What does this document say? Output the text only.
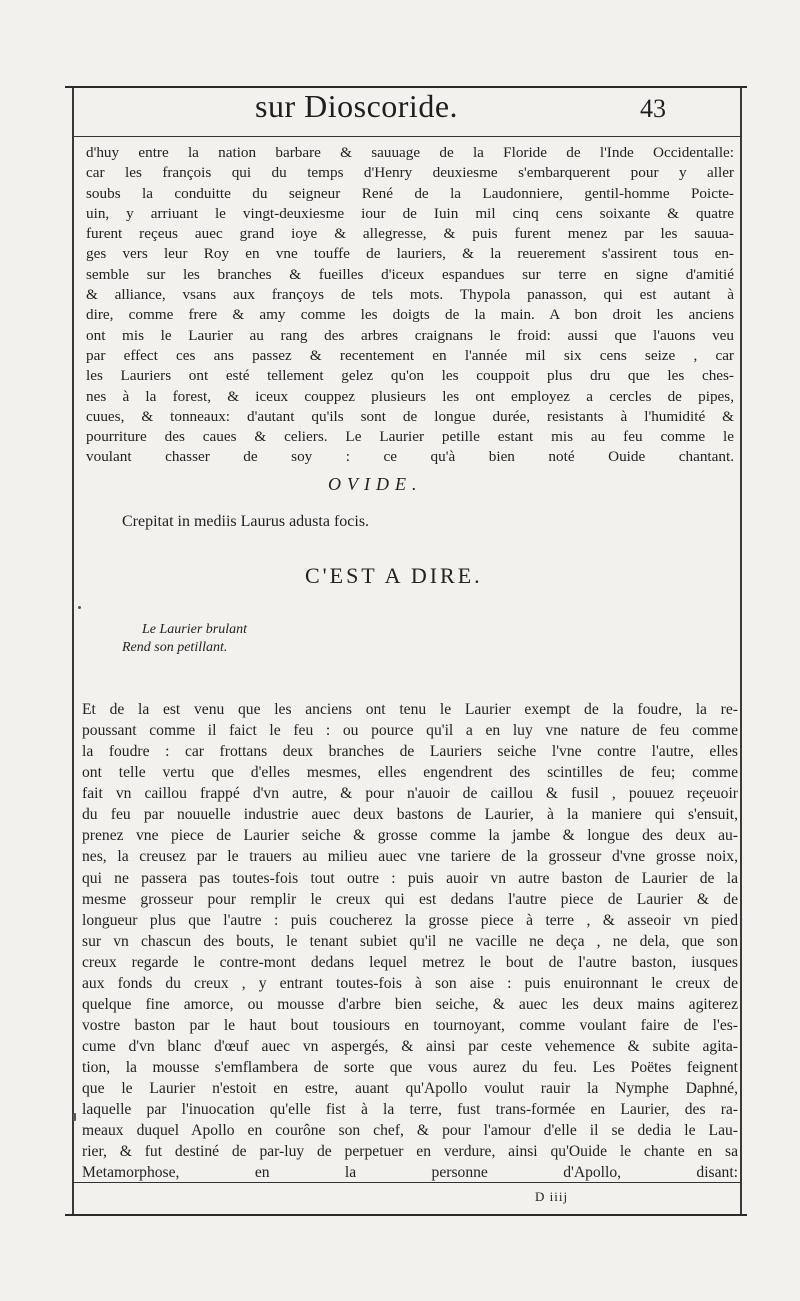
sur Dioscoride.	43
d'huy entre la nation barbare & sauuage de la Floride de l'Inde Occidentalle:
car les françois qui du temps d'Henry deuxiesme s'embarquerent pour y aller
soubs la conduitte du seigneur René de la Laudonniere, gentil-homme Poicte-
uin, y arriuant le vingt-deuxiesme iour de Iuin mil cinq cens soixante & quatre
furent reçeus auec grand ioye & allegresse, & puis furent menez par les sauua-
ges vers leur Roy en vne touffe de lauriers, & la reuerement s'assirent tous en-
semble sur les branches & fueilles d'iceux espandues sur terre en signe d'amitié
& alliance, vsans aux françoys de tels mots. Thypola panasson, qui est autant à
dire, comme frere & amy comme les doigts de la main. A bon droit les anciens
ont mis le Laurier au rang des arbres craignans le froid: aussi que l'auons veu
par effect ces ans passez & recentement en l'année mil six cens seize , car
les Lauriers ont esté tellement gelez qu'on les couppoit plus dru que les ches-
nes à la forest, & iceux couppez plusieurs les ont employez a cercles de pipes,
cuues, & tonneaux: d'autant qu'ils sont de longue durée, resistants à l'humidité &
pourriture des caues & celiers. Le Laurier petille estant mis au feu comme le
voulant chasser de soy : ce qu'à bien noté Ouide chantant.
OVIDE.
Crepitat in mediis Laurus adusta focis.
C'EST A DIRE.
Le Laurier brulant
Rend son petillant.
Et de la est venu que les anciens ont tenu le Laurier exempt de la foudre, la re-
poussant comme il faict le feu : ou pource qu'il a en luy vne nature de feu comme
la foudre : car frottans deux branches de Lauriers seiche l'vne contre l'autre, elles
ont telle vertu que d'elles mesmes, elles engendrent des scintilles de feu; comme
fait vn caillou frappé d'vn autre, & pour n'auoir de caillou & fusil , pouuez reçeuoir
du feu par nouuelle industrie auec deux bastons de Laurier, à la maniere qui s'ensuit,
prenez vne piece de Laurier seiche & grosse comme la jambe & longue des deux au-
nes, la creusez par le trauers au milieu auec vne tariere de la grosseur d'vne grosse noix,
qui ne passera pas toutes-fois tout outre : puis auoir vn autre baston de Laurier de la
mesme grosseur pour remplir le creux qui est dedans l'autre piece de Laurier & de
longueur plus que l'autre : puis coucherez la grosse piece à terre , & asseoir vn pied
sur vn chascun des bouts, le tenant subiet qu'il ne vacille ne deça , ne dela, que son
creux regarde le contre-mont dedans lequel metrez le bout de l'autre baston, iusques
aux fonds du creux , y entrant toutes-fois à son aise : puis enuironnant le creux de
quelque fine amorce, ou mousse d'arbre bien seiche, & auec les deux mains agiterez
vostre baston par le haut bout tousiours en tournoyant, comme voulant faire de l'es-
cume d'vn blanc d'œuf auec vn aspergés, & ainsi par ceste vehemence & subite agita-
tion, la mousse s'emflambera de sorte que vous aurez du feu. Les Poëtes feignent
que le Laurier n'estoit en estre, auant qu'Apollo voulut rauir la Nymphe Daphné,
laquelle par l'inuocation qu'elle fist à la terre, fust trans-formée en Laurier, des ra-
meaux duquel Apollo en courône son chef, & pour l'amour d'elle il se dedia le Lau-
rier, & fut destiné de par-luy de perpetuer en verdure, ainsi qu'Ouide le chante en sa
Metamorphose, en la personne d'Apollo, disant:
D iiij
